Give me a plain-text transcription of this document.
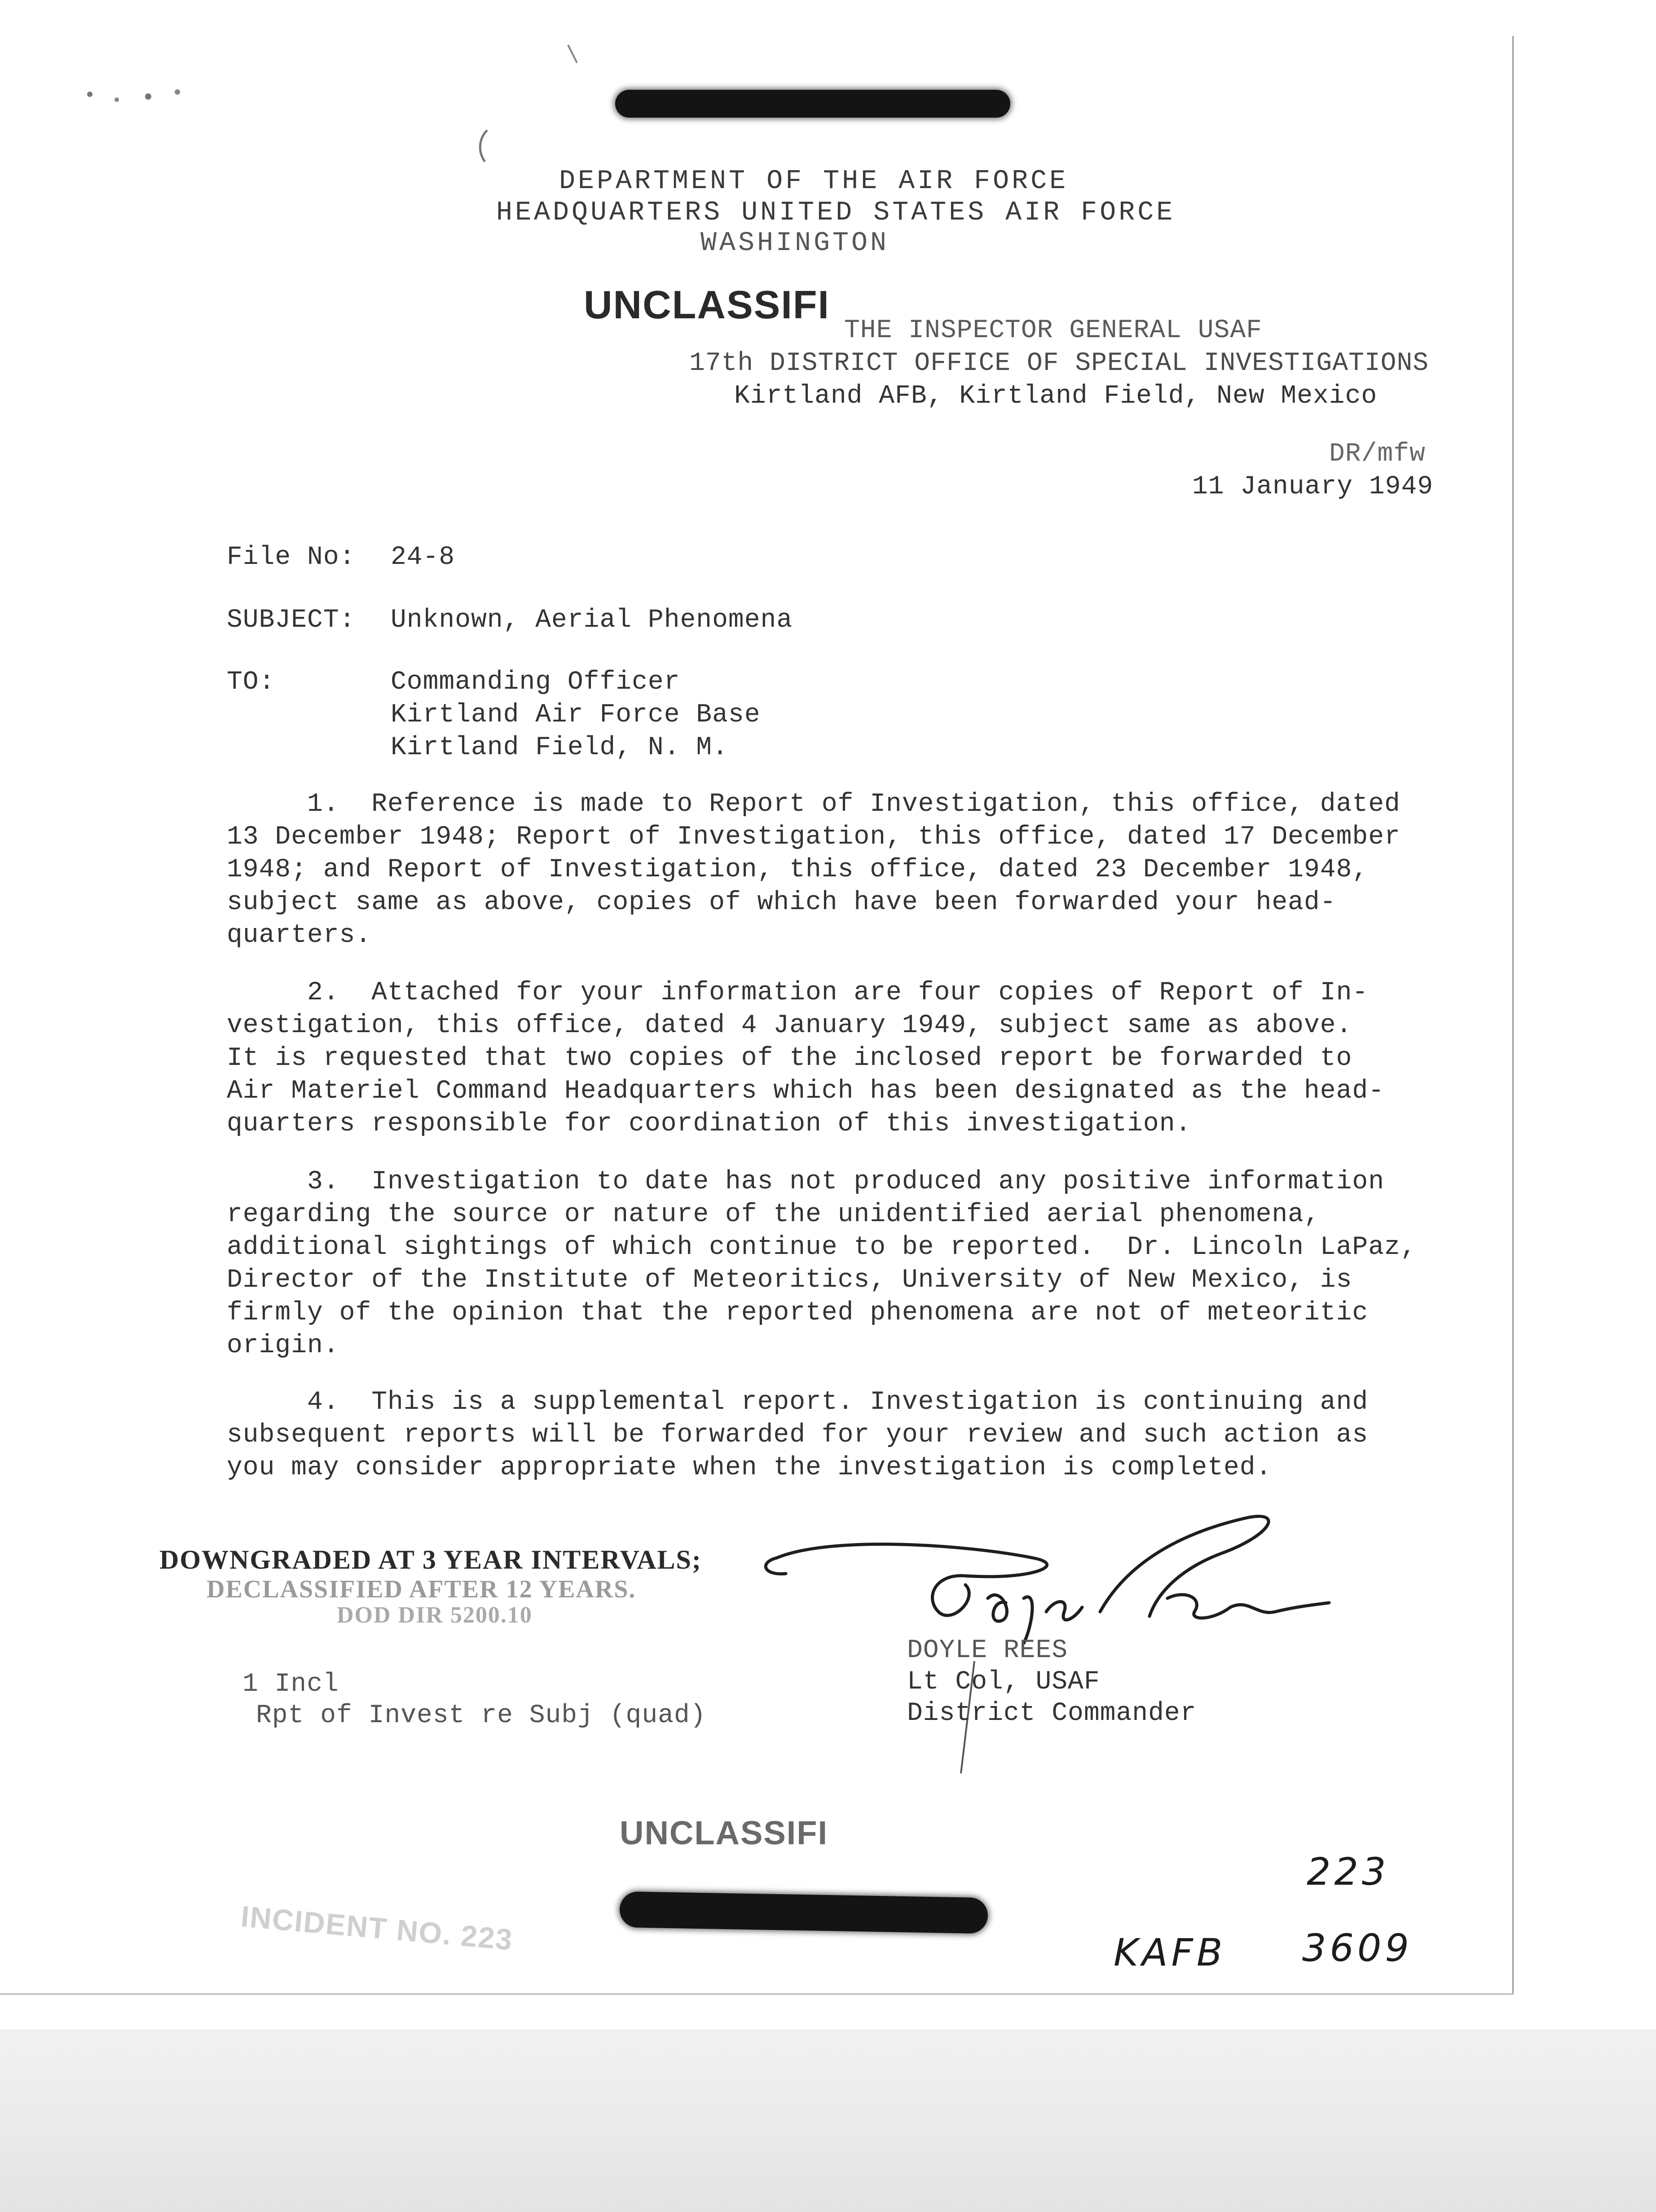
DEPARTMENT OF THE AIR FORCE
HEADQUARTERS UNITED STATES AIR FORCE
WASHINGTON
UNCLASSIFI
THE INSPECTOR GENERAL USAF
17th DISTRICT OFFICE OF SPECIAL INVESTIGATIONS
Kirtland AFB, Kirtland Field, New Mexico
DR/mfw
11 January 1949
File No: 24-8
SUBJECT: Unknown, Aerial Phenomena
TO:	Commanding Officer
Kirtland Air Force Base
Kirtland Field, N. M.
1.  Reference is made to Report of Investigation, this office, dated
13 December 1948; Report of Investigation, this office, dated 17 December
1948; and Report of Investigation, this office, dated 23 December 1948,
subject same as above, copies of which have been forwarded your head-
quarters.
2.  Attached for your information are four copies of Report of In-
vestigation, this office, dated 4 January 1949, subject same as above.
It is requested that two copies of the inclosed report be forwarded to
Air Materiel Command Headquarters which has been designated as the head-
quarters responsible for coordination of this investigation.
3.  Investigation to date has not produced any positive information
regarding the source or nature of the unidentified aerial phenomena,
additional sightings of which continue to be reported.  Dr. Lincoln LaPaz,
Director of the Institute of Meteoritics, University of New Mexico, is
firmly of the opinion that the reported phenomena are not of meteoritic
origin.
4.  This is a supplemental report. Investigation is continuing and
subsequent reports will be forwarded for your review and such action as
you may consider appropriate when the investigation is completed.
DOWNGRADED AT 3 YEAR INTERVALS;
DECLASSIFIED AFTER 12 YEARS.
DOD DIR 5200.10
DOYLE REES
Lt Col, USAF
District Commander
1 Incl
Rpt of Invest re Subj (quad)
UNCLASSIFI
INCIDENT NO. 223
223
KAFB 3609
